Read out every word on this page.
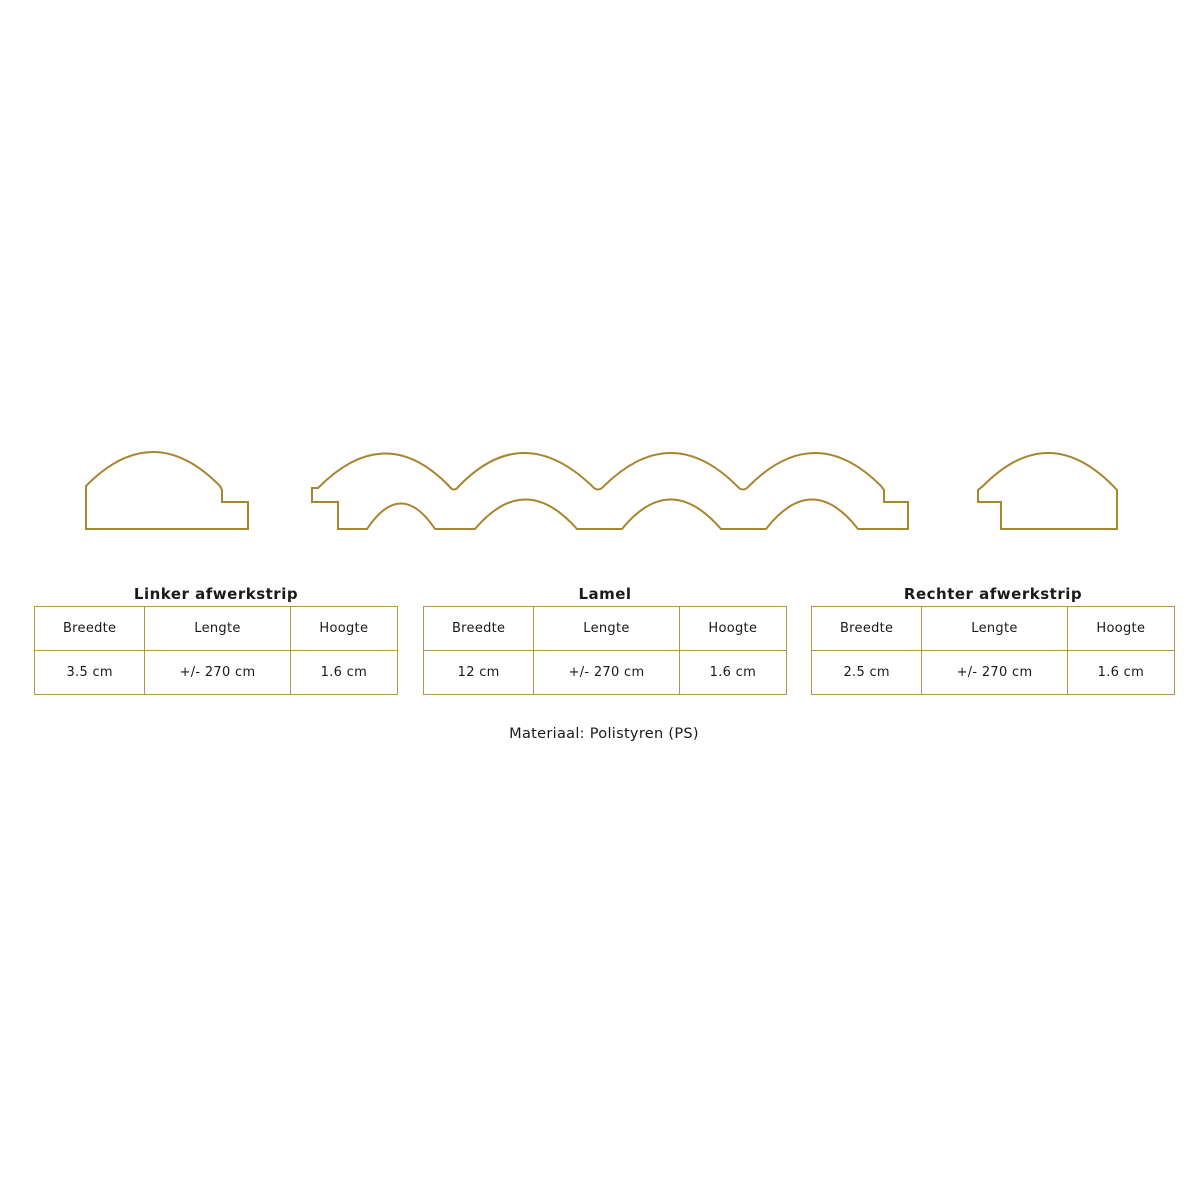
Linker afwerkstrip
Breedte	Lengte	Hoogte
3.5 cm	+/- 270 cm	1.6 cm
Lamel
Breedte	Lengte	Hoogte
12 cm	+/- 270 cm	1.6 cm
Rechter afwerkstrip
Breedte	Lengte	Hoogte
2.5 cm	+/- 270 cm	1.6 cm
Materiaal: Polistyren (PS)
